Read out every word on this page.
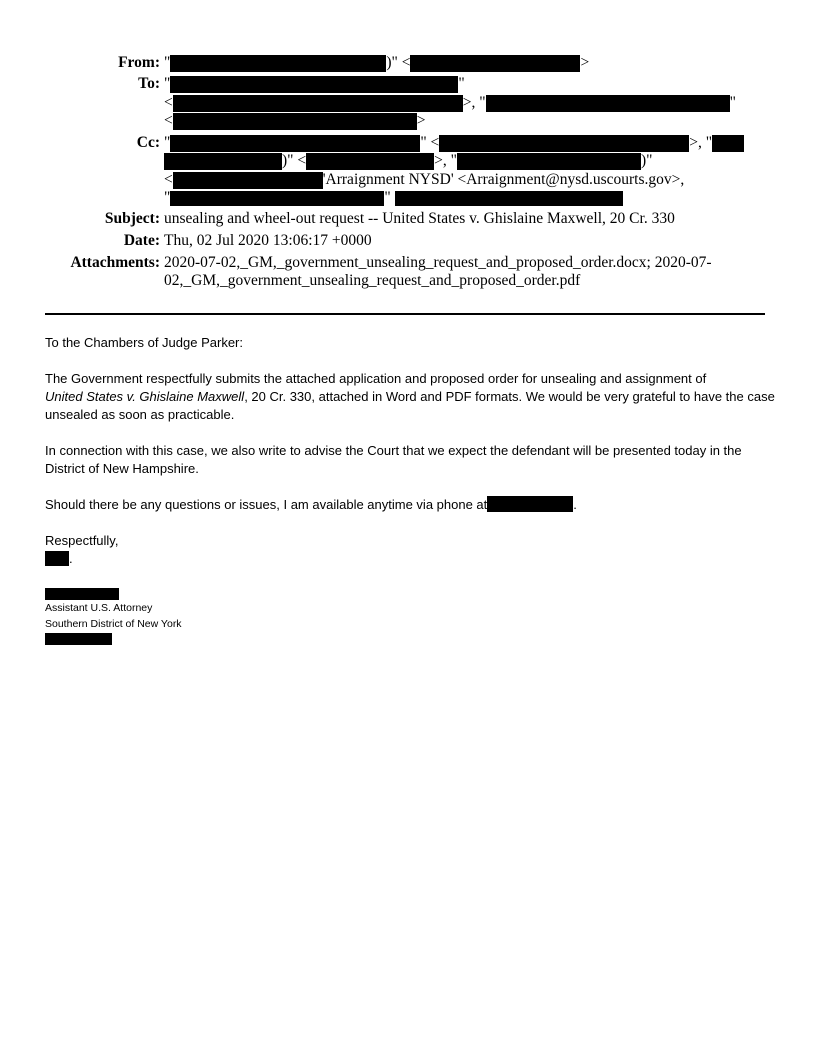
From: "	)" <	>
To: "	"
<	>, "	"
<	>
Cc: "	" <	>, "
)" <	>, "	)"
<	'Arraignment NYSD' <Arraignment@nysd.uscourts.gov>,
"	"
Subject: unsealing and wheel-out request -- United States v. Ghislaine Maxwell, 20 Cr. 330
Date: Thu, 02 Jul 2020 13:06:17 +0000
Attachments: 2020-07-02,_GM,_government_unsealing_request_and_proposed_order.docx; 2020-07-
02,_GM,_government_unsealing_request_and_proposed_order.pdf

To the Chambers of Judge Parker:

The Government respectfully submits the attached application and proposed order for unsealing and assignment of
United States v. Ghislaine Maxwell, 20 Cr. 330, attached in Word and PDF formats. We would be very grateful to have the case unsealed as soon as practicable.

In connection with this case, we also write to advise the Court that we expect the defendant will be presented today in the District of New Hampshire.

Should there be any questions or issues, I am available anytime via phone at	.

Respectfully,

.

Assistant U.S. Attorney
Southern District of New York
